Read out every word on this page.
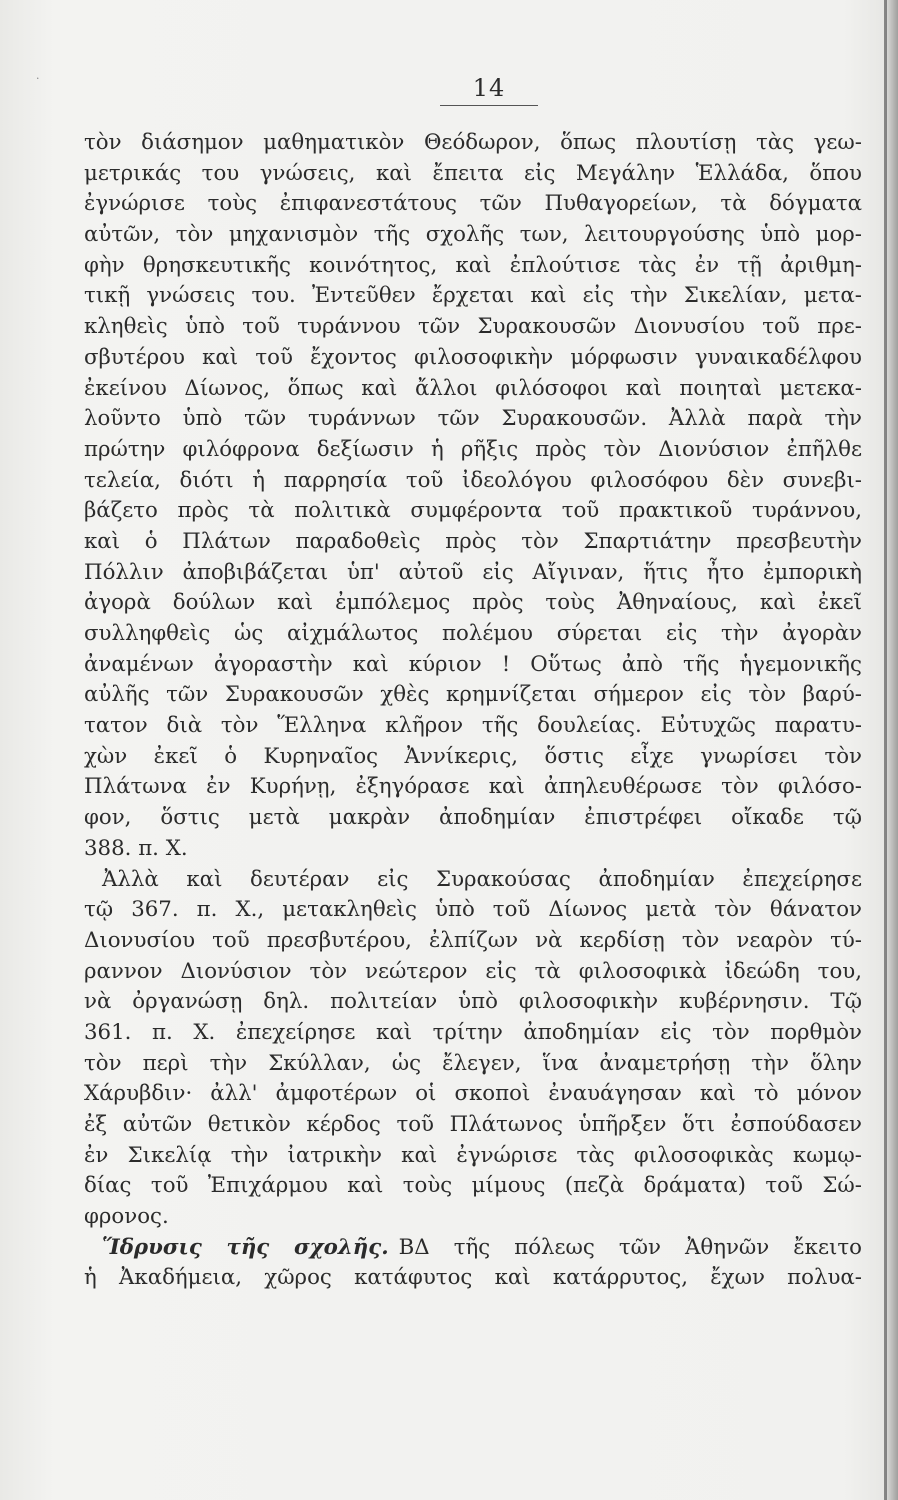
·	14
τὸν διάσημον μαθηματικὸν Θεόδωρον, ὅπως πλουτίσῃ τὰς γεω-
μετρικάς του γνώσεις, καὶ ἔπειτα εἰς Μεγάλην Ἑλλάδα, ὅπου
ἐγνώρισε τοὺς ἐπιφανεστάτους τῶν Πυθαγορείων, τὰ δόγματα
αὐτῶν, τὸν μηχανισμὸν τῆς σχολῆς των, λειτουργούσης ὑπὸ μορ-
φὴν θρησκευτικῆς κοινότητος, καὶ ἐπλούτισε τὰς ἐν τῇ ἀριθμη-
τικῇ γνώσεις του. Ἐντεῦθεν ἔρχεται καὶ εἰς τὴν Σικελίαν, μετα-
κληθεὶς ὑπὸ τοῦ τυράννου τῶν Συρακουσῶν Διονυσίου τοῦ πρε-
σβυτέρου καὶ τοῦ ἔχοντος φιλοσοφικὴν μόρφωσιν γυναικαδέλφου
ἐκείνου Δίωνος, ὅπως καὶ ἄλλοι φιλόσοφοι καὶ ποιηταὶ μετεκα-
λοῦντο ὑπὸ τῶν τυράννων τῶν Συρακουσῶν. Ἀλλὰ παρὰ τὴν
πρώτην φιλόφρονα δεξίωσιν ἡ ρῆξις πρὸς τὸν Διονύσιον ἐπῆλθε
τελεία, διότι ἡ παρρησία τοῦ ἰδεολόγου φιλοσόφου δὲν συνεβι-
βάζετο πρὸς τὰ πολιτικὰ συμφέροντα τοῦ πρακτικοῦ τυράννου,
καὶ ὁ Πλάτων παραδοθεὶς πρὸς τὸν Σπαρτιάτην πρεσβευτὴν
Πόλλιν ἀποβιβάζεται ὑπ' αὐτοῦ εἰς Αἴγιναν, ἥτις ἦτο ἐμπορικὴ
ἀγορὰ δούλων καὶ ἐμπόλεμος πρὸς τοὺς Ἀθηναίους, καὶ ἐκεῖ
συλληφθεὶς ὡς αἰχμάλωτος πολέμου σύρεται εἰς τὴν ἀγορὰν
ἀναμένων ἀγοραστὴν καὶ κύριον ! Οὕτως ἀπὸ τῆς ἡγεμονικῆς
αὐλῆς τῶν Συρακουσῶν χθὲς κρημνίζεται σήμερον εἰς τὸν βαρύ-
τατον διὰ τὸν Ἕλληνα κλῆρον τῆς δουλείας. Εὐτυχῶς παρατυ-
χὼν ἐκεῖ ὁ Κυρηναῖος Ἀννίκερις, ὅστις εἶχε γνωρίσει τὸν
Πλάτωνα ἐν Κυρήνῃ, ἐξηγόρασε καὶ ἀπηλευθέρωσε τὸν φιλόσο-
φον, ὅστις μετὰ μακρὰν ἀποδημίαν ἐπιστρέφει οἴκαδε τῷ
388. π. Χ.
Ἀλλὰ καὶ δευτέραν εἰς Συρακούσας ἀποδημίαν ἐπεχείρησε
τῷ 367. π. Χ., μετακληθεὶς ὑπὸ τοῦ Δίωνος μετὰ τὸν θάνατον
Διονυσίου τοῦ πρεσβυτέρου, ἐλπίζων νὰ κερδίσῃ τὸν νεαρὸν τύ-
ραννον Διονύσιον τὸν νεώτερον εἰς τὰ φιλοσοφικὰ ἰδεώδη του,
νὰ ὀργανώσῃ δηλ. πολιτείαν ὑπὸ φιλοσοφικὴν κυβέρνησιν. Τῷ
361. π. Χ. ἐπεχείρησε καὶ τρίτην ἀποδημίαν εἰς τὸν πορθμὸν
τὸν περὶ τὴν Σκύλλαν, ὡς ἔλεγεν, ἵνα ἀναμετρήσῃ τὴν ὅλην
Χάρυβδιν· ἀλλ' ἀμφοτέρων οἱ σκοποὶ ἐναυάγησαν καὶ τὸ μόνον
ἐξ αὐτῶν θετικὸν κέρδος τοῦ Πλάτωνος ὑπῆρξεν ὅτι ἐσπούδασεν
ἐν Σικελίᾳ τὴν ἰατρικὴν καὶ ἐγνώρισε τὰς φιλοσοφικὰς κωμῳ-
δίας τοῦ Ἐπιχάρμου καὶ τοὺς μίμους (πεζὰ δράματα) τοῦ Σώ-
φρονος.
Ἵδρυσις τῆς σχολῆς. ΒΔ τῆς πόλεως τῶν Ἀθηνῶν ἔκειτο
ἡ Ἀκαδήμεια, χῶρος κατάφυτος καὶ κατάρρυτος, ἔχων πολυα-
